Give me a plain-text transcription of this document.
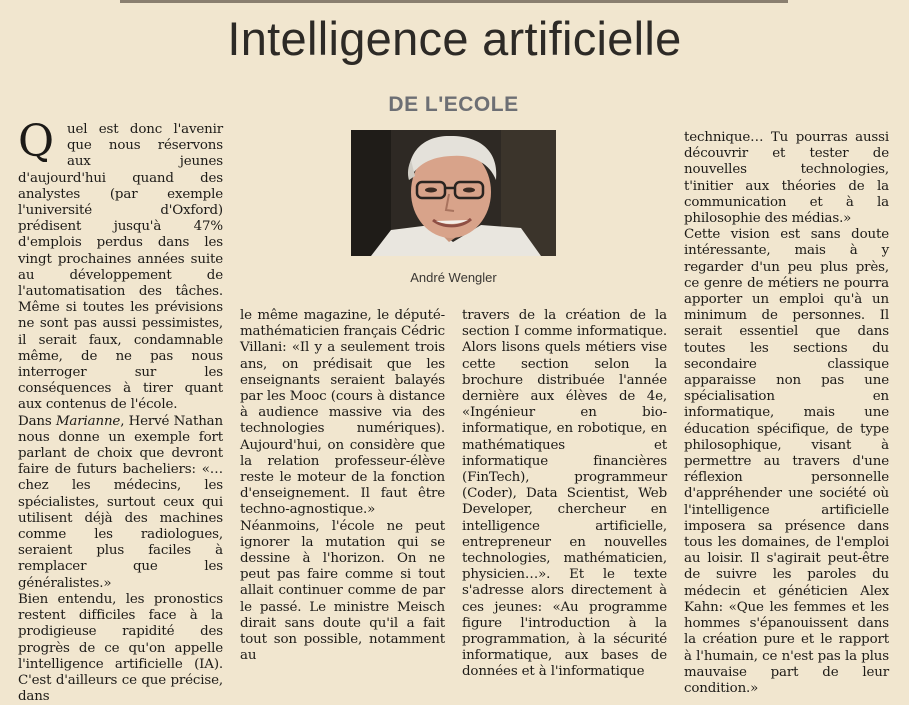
Intelligence artificielle
DE L'ECOLE
André Wengler
Q uel est donc l'avenir que nous réservons aux jeunes d'aujourd'hui quand des analystes (par exemple l'université d'Oxford) prédisent jusqu'à 47% d'emplois perdus dans les vingt prochaines années suite au développement de l'automatisation des tâches. Même si toutes les prévisions ne sont pas aussi pessimistes, il serait faux, condamnable même, de ne pas nous interroger sur les conséquences à tirer quant aux contenus de l'école.

Dans Marianne, Hervé Nathan nous donne un exemple fort parlant de choix que devront faire de futurs bacheliers: «… chez les médecins, les spécialistes, surtout ceux qui utilisent déjà des machines comme les radiologues, seraient plus faciles à remplacer que les généralistes.»

Bien entendu, les pronostics restent difficiles face à la prodigieuse rapidité des progrès de ce qu'on appelle l'intelligence artificielle (IA). C'est d'ailleurs ce que précise, dans

le même magazine, le député-mathématicien français Cédric Villani: «Il y a seulement trois ans, on prédisait que les enseignants seraient balayés par les Mooc (cours à distance à audience massive via des technologies numériques). Aujourd'hui, on considère que la relation professeur-élève reste le moteur de la fonction d'enseignement. Il faut être techno-agnostique.»

Néanmoins, l'école ne peut ignorer la mutation qui se dessine à l'horizon. On ne peut pas faire comme si tout allait continuer comme de par le passé. Le ministre Meisch dirait sans doute qu'il a fait tout son possible, notamment au

travers de la création de la section I comme informatique. Alors lisons quels métiers vise cette section selon la brochure distribuée l'année dernière aux élèves de 4e, «Ingénieur en bio-informatique, en robotique, en mathématiques et informatique financières (FinTech), programmeur (Coder), Data Scientist, Web Developer, chercheur en intelligence artificielle, entrepreneur en nouvelles technologies, mathématicien, physicien…». Et le texte s'adresse alors directement à ces jeunes: «Au programme figure l'introduction à la programmation, à la sécurité informatique, aux bases de données et à l'informatique

technique… Tu pourras aussi découvrir et tester de nouvelles technologies, t'initier aux théories de la communication et à la philosophie des médias.»

Cette vision est sans doute intéressante, mais à y regarder d'un peu plus près, ce genre de métiers ne pourra apporter un emploi qu'à un minimum de personnes. Il serait essentiel que dans toutes les sections du secondaire classique apparaisse non pas une spécialisation en informatique, mais une éducation spécifique, de type philosophique, visant à permettre au travers d'une réflexion personnelle d'appréhender une société où l'intelligence artificielle imposera sa présence dans tous les domaines, de l'emploi au loisir. Il s'agirait peut-être de suivre les paroles du médecin et généticien Alex Kahn: «Que les femmes et les hommes s'épanouissent dans la création pure et le rapport à l'humain, ce n'est pas la plus mauvaise part de leur condition.»
